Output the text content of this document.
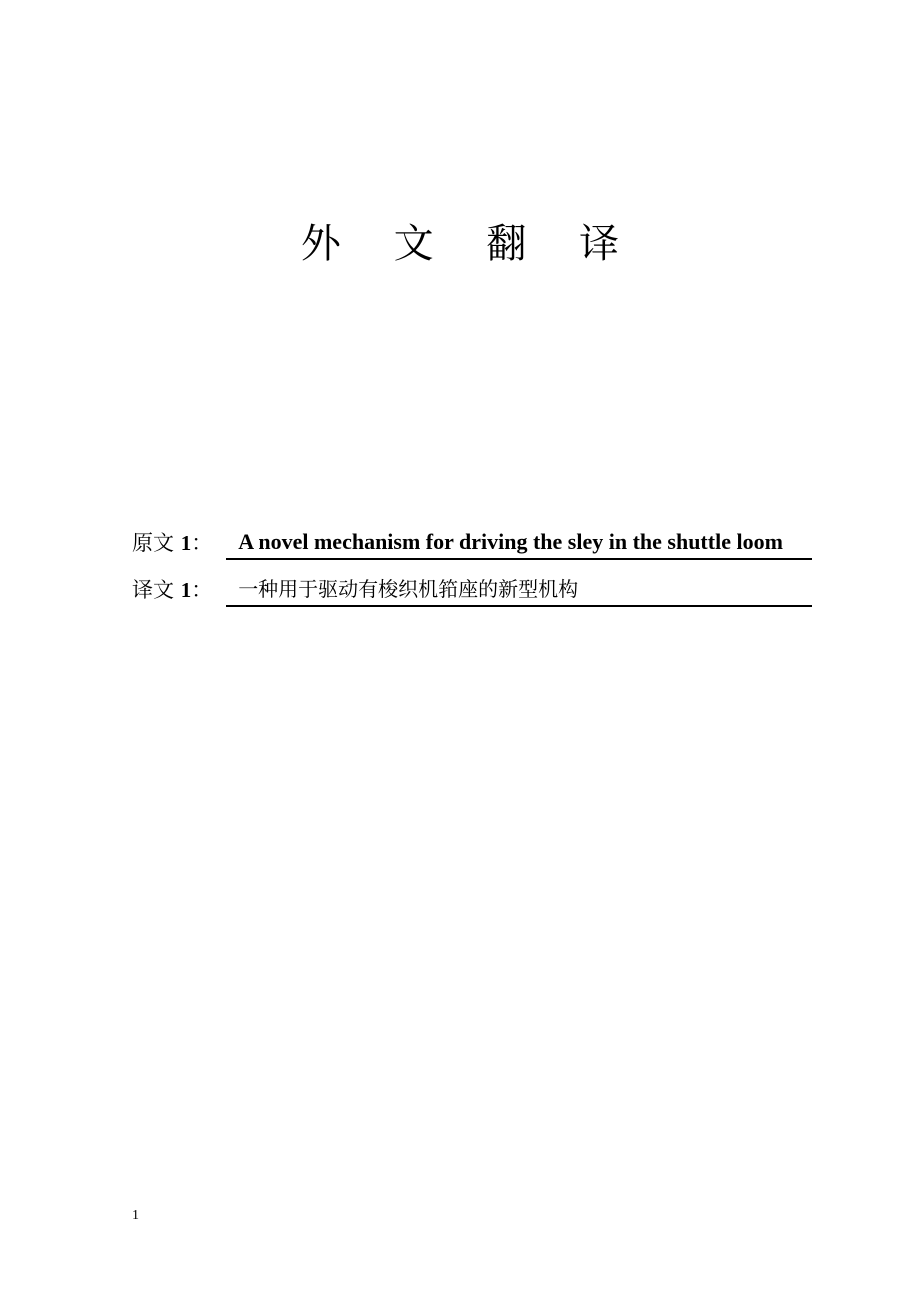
外 文 翻 译
原文 1：	A novel mechanism for driving the sley in the shuttle loom
译文 1：	一种用于驱动有梭织机筘座的新型机构
1
